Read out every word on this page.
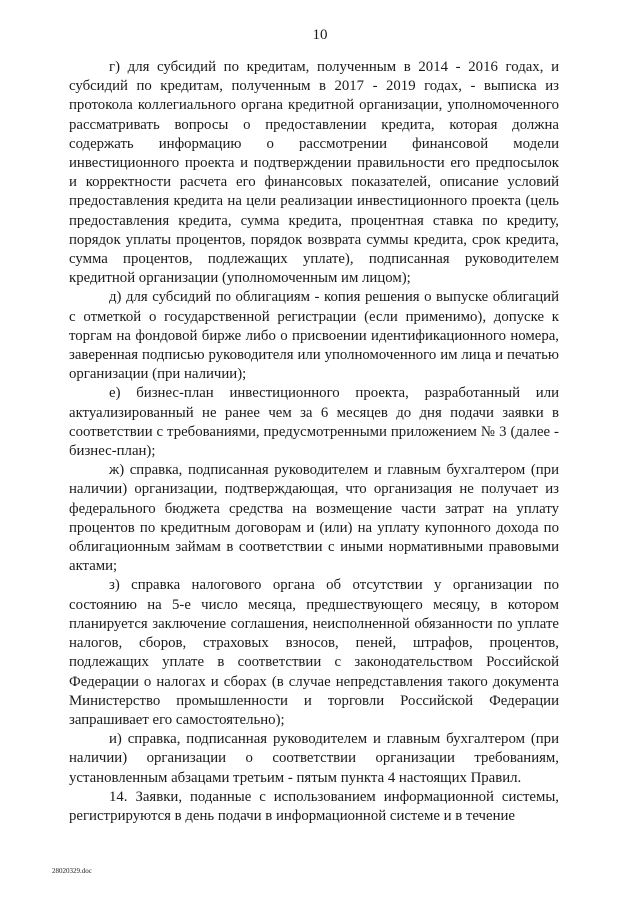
10

г) для субсидий по кредитам, полученным в 2014 - 2016 годах, и субсидий по кредитам, полученным в 2017 - 2019 годах, - выписка из протокола коллегиального органа кредитной организации, уполномоченного рассматривать вопросы о предоставлении кредита, которая должна содержать информацию о рассмотрении финансовой модели инвестиционного проекта и подтверждении правильности его предпосылок и корректности расчета его финансовых показателей, описание условий предоставления кредита на цели реализации инвестиционного проекта (цель предоставления кредита, сумма кредита, процентная ставка по кредиту, порядок уплаты процентов, порядок возврата суммы кредита, срок кредита, сумма процентов, подлежащих уплате), подписанная руководителем кредитной организации (уполномоченным им лицом);

д) для субсидий по облигациям - копия решения о выпуске облигаций с отметкой о государственной регистрации (если применимо), допуске к торгам на фондовой бирже либо о присвоении идентификационного номера, заверенная подписью руководителя или уполномоченного им лица и печатью организации (при наличии);

е) бизнес-план инвестиционного проекта, разработанный или актуализированный не ранее чем за 6 месяцев до дня подачи заявки в соответствии с требованиями, предусмотренными приложением № 3 (далее - бизнес-план);

ж) справка, подписанная руководителем и главным бухгалтером (при наличии) организации, подтверждающая, что организация не получает из федерального бюджета средства на возмещение части затрат на уплату процентов по кредитным договорам и (или) на уплату купонного дохода по облигационным займам в соответствии с иными нормативными правовыми актами;

з) справка налогового органа об отсутствии у организации по состоянию на 5-е число месяца, предшествующего месяцу, в котором планируется заключение соглашения, неисполненной обязанности по уплате налогов, сборов, страховых взносов, пеней, штрафов, процентов, подлежащих уплате в соответствии с законодательством Российской Федерации о налогах и сборах (в случае непредставления такого документа Министерство промышленности и торговли Российской Федерации запрашивает его самостоятельно);

и) справка, подписанная руководителем и главным бухгалтером (при наличии) организации о соответствии организации требованиям, установленным абзацами третьим - пятым пункта 4 настоящих Правил.

14. Заявки, поданные с использованием информационной системы, регистрируются в день подачи в информационной системе и в течение

28020329.doc
